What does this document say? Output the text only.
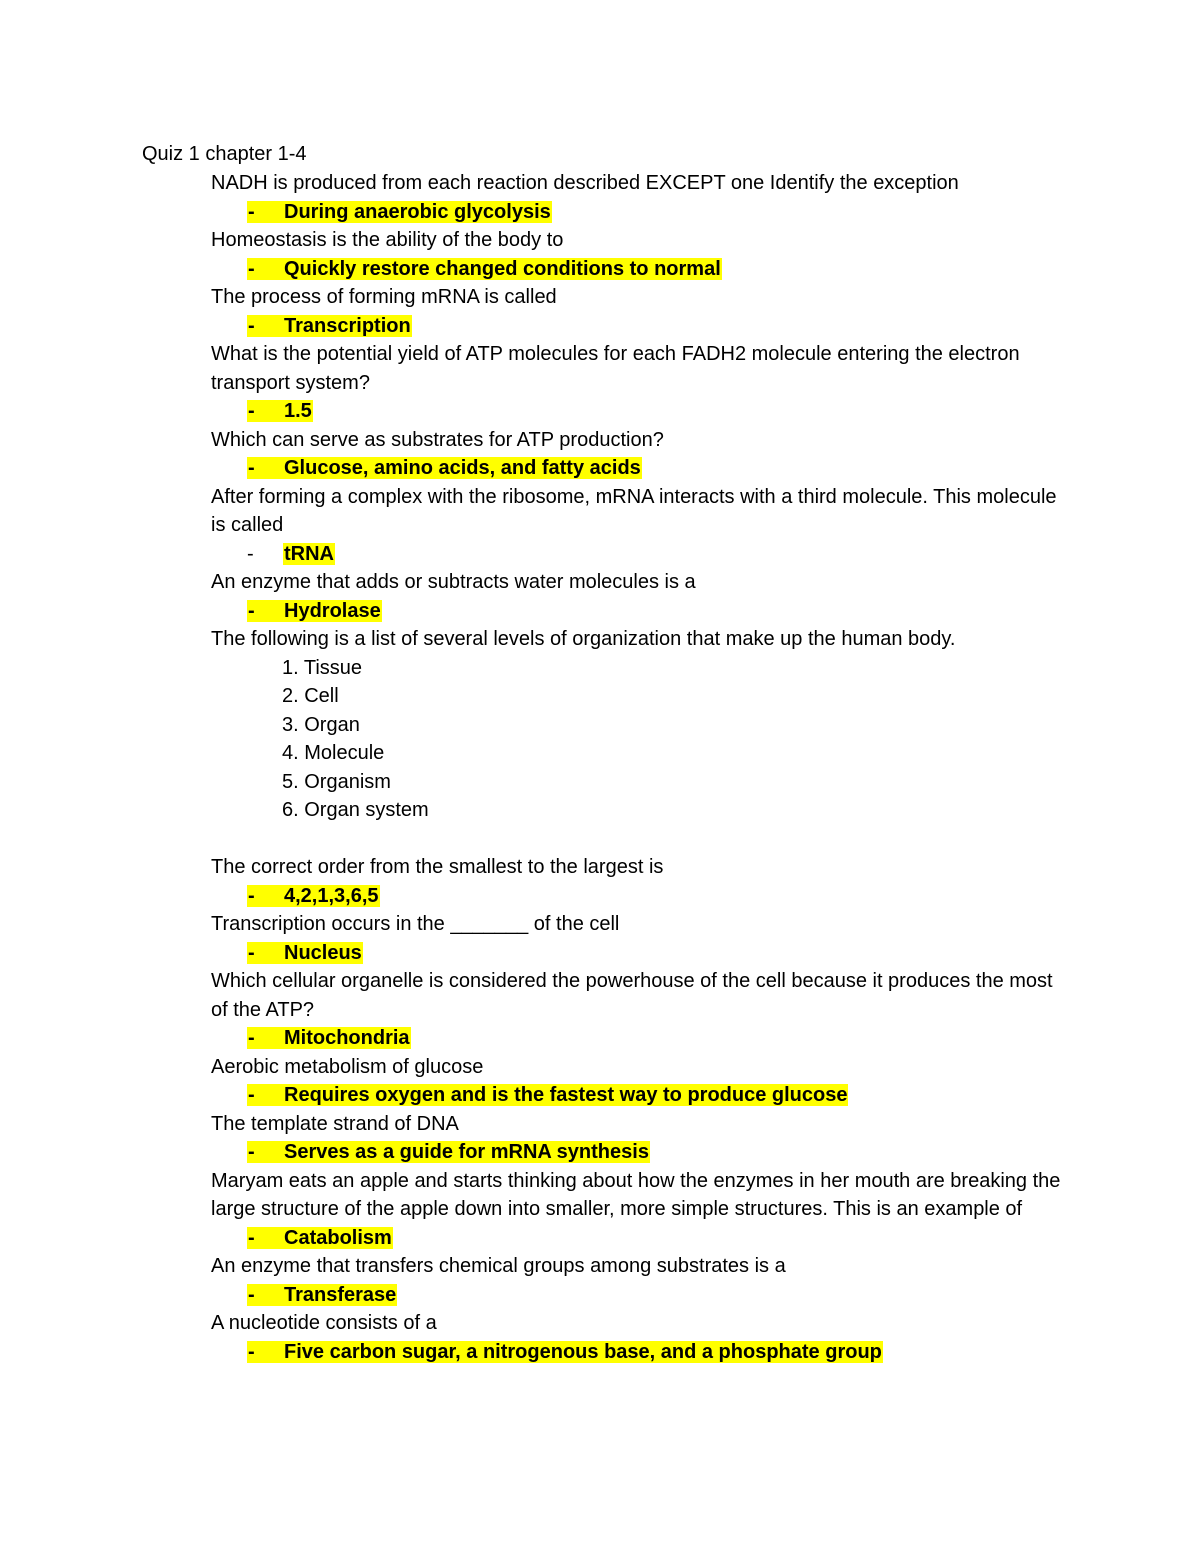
Quiz 1 chapter 1-4

NADH is produced from each reaction described EXCEPT one Identify the exception

- During anaerobic glycolysis

Homeostasis is the ability of the body to

- Quickly restore changed conditions to normal

The process of forming mRNA is called

- Transcription

What is the potential yield of ATP molecules for each FADH2 molecule entering the electron transport system?

- 1.5

Which can serve as substrates for ATP production?

- Glucose, amino acids, and fatty acids

After forming a complex with the ribosome, mRNA interacts with a third molecule. This molecule is called

- tRNA

An enzyme that adds or subtracts water molecules is a

- Hydrolase

The following is a list of several levels of organization that make up the human body.

1. Tissue
2. Cell
3. Organ
4. Molecule
5. Organism
6. Organ system

The correct order from the smallest to the largest is

- 4,2,1,3,6,5

Transcription occurs in the _______ of the cell

- Nucleus

Which cellular organelle is considered the powerhouse of the cell because it produces the most of the ATP?

- Mitochondria

Aerobic metabolism of glucose

- Requires oxygen and is the fastest way to produce glucose

The template strand of DNA

- Serves as a guide for mRNA synthesis

Maryam eats an apple and starts thinking about how the enzymes in her mouth are breaking the large structure of the apple down into smaller, more simple structures. This is an example of

- Catabolism

An enzyme that transfers chemical groups among substrates is a

- Transferase

A nucleotide consists of a

- Five carbon sugar, a nitrogenous base, and a phosphate group
